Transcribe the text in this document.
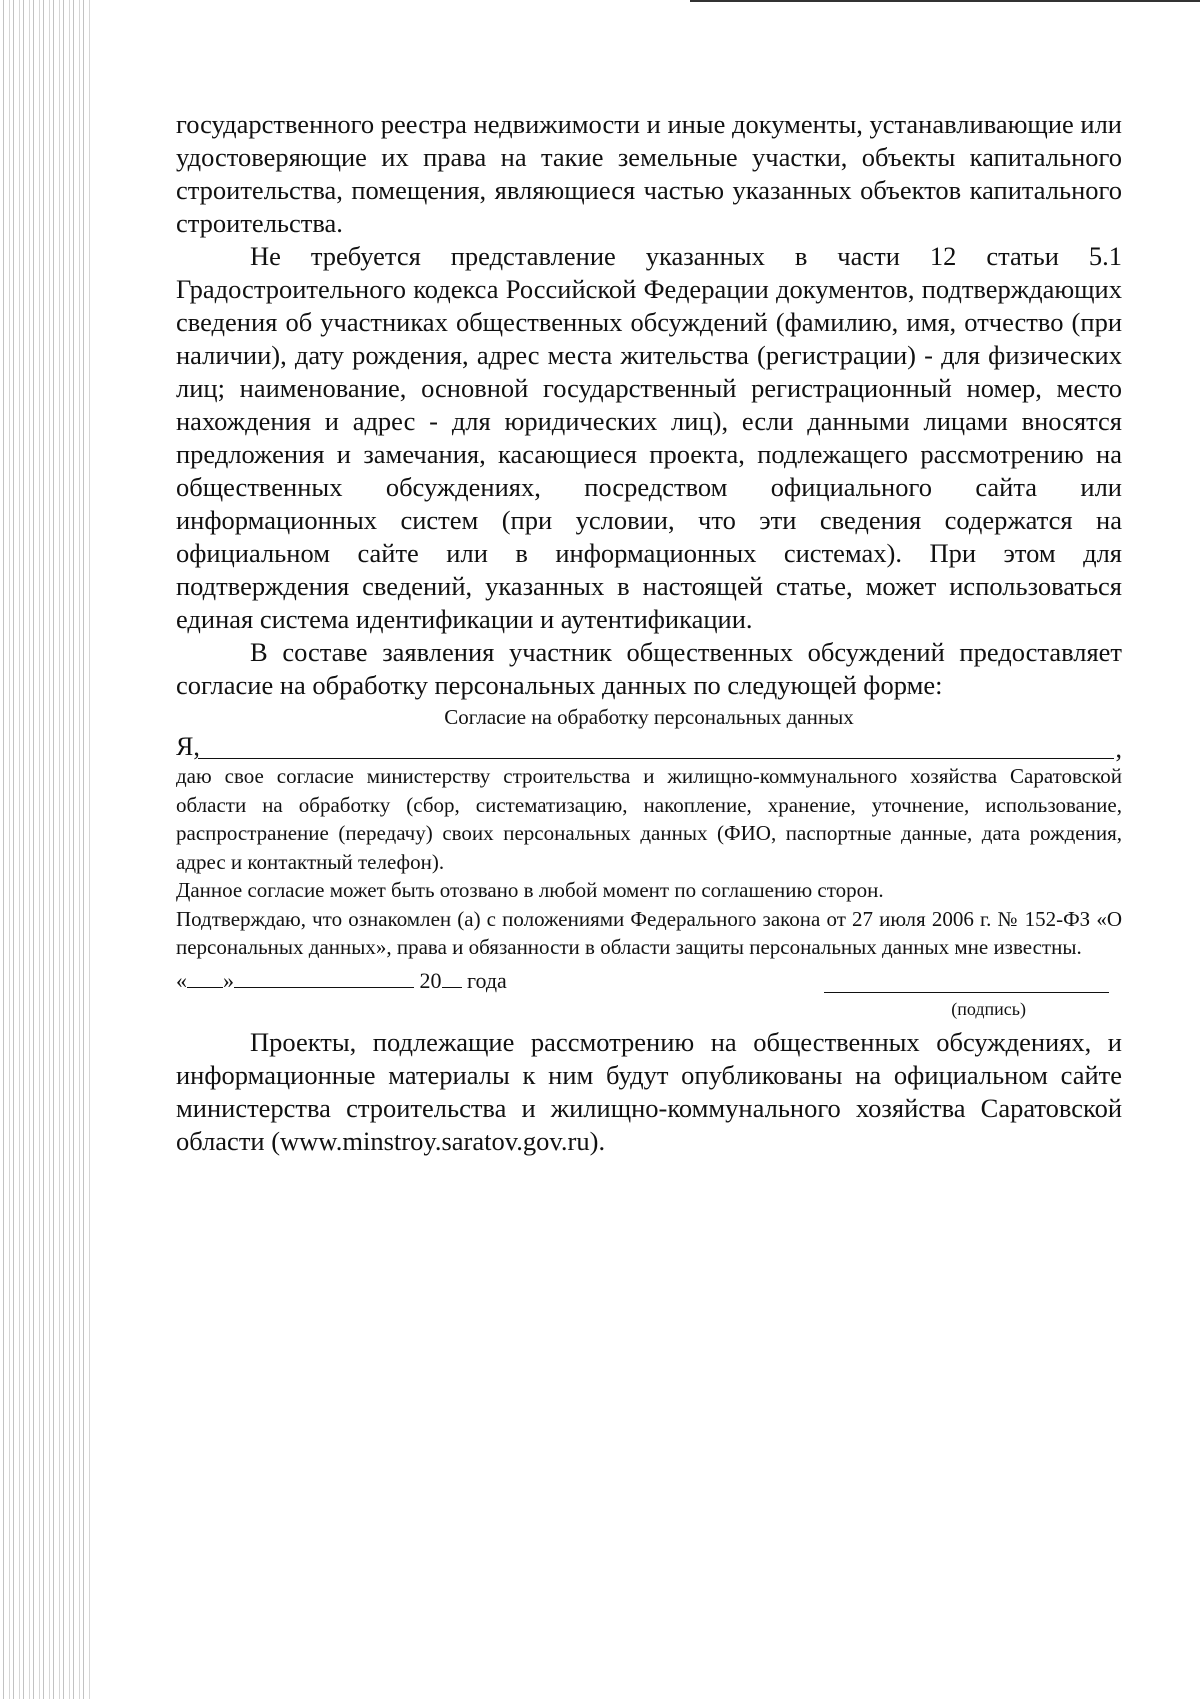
государственного реестра недвижимости и иные документы, устанавливающие или удостоверяющие их права на такие земельные участки, объекты капитального строительства, помещения, являющиеся частью указанных объектов капитального строительства.

Не требуется представление указанных в части 12 статьи 5.1 Градостроительного кодекса Российской Федерации документов, подтверждающих сведения об участниках общественных обсуждений (фамилию, имя, отчество (при наличии), дату рождения, адрес места жительства (регистрации) - для физических лиц; наименование, основной государственный регистрационный номер, место нахождения и адрес - для юридических лиц), если данными лицами вносятся предложения и замечания, касающиеся проекта, подлежащего рассмотрению на общественных обсуждениях, посредством официального сайта или информационных систем (при условии, что эти сведения содержатся на официальном сайте или в информационных системах). При этом для подтверждения сведений, указанных в настоящей статье, может использоваться единая система идентификации и аутентификации.

В составе заявления участник общественных обсуждений предоставляет согласие на обработку персональных данных по следующей форме:

Согласие на обработку персональных данных
Я,	,

даю свое согласие министерству строительства и жилищно-коммунального хозяйства Саратовской области на обработку (сбор, систематизацию, накопление, хранение, уточнение, использование, распространение (передачу) своих персональных данных (ФИО, паспортные данные, дата рождения, адрес и контактный телефон).

Данное согласие может быть отозвано в любой момент по соглашению сторон.

Подтверждаю, что ознакомлен (а) с положениями Федерального закона от 27 июля 2006 г. № 152-ФЗ «О персональных данных», права и обязанности в области защиты персональных данных мне известны.

« »	20 года

(подпись)

Проекты, подлежащие рассмотрению на общественных обсуждениях, и информационные материалы к ним будут опубликованы на официальном сайте министерства строительства и жилищно-коммунального хозяйства Саратовской области (www.minstroy.saratov.gov.ru).
